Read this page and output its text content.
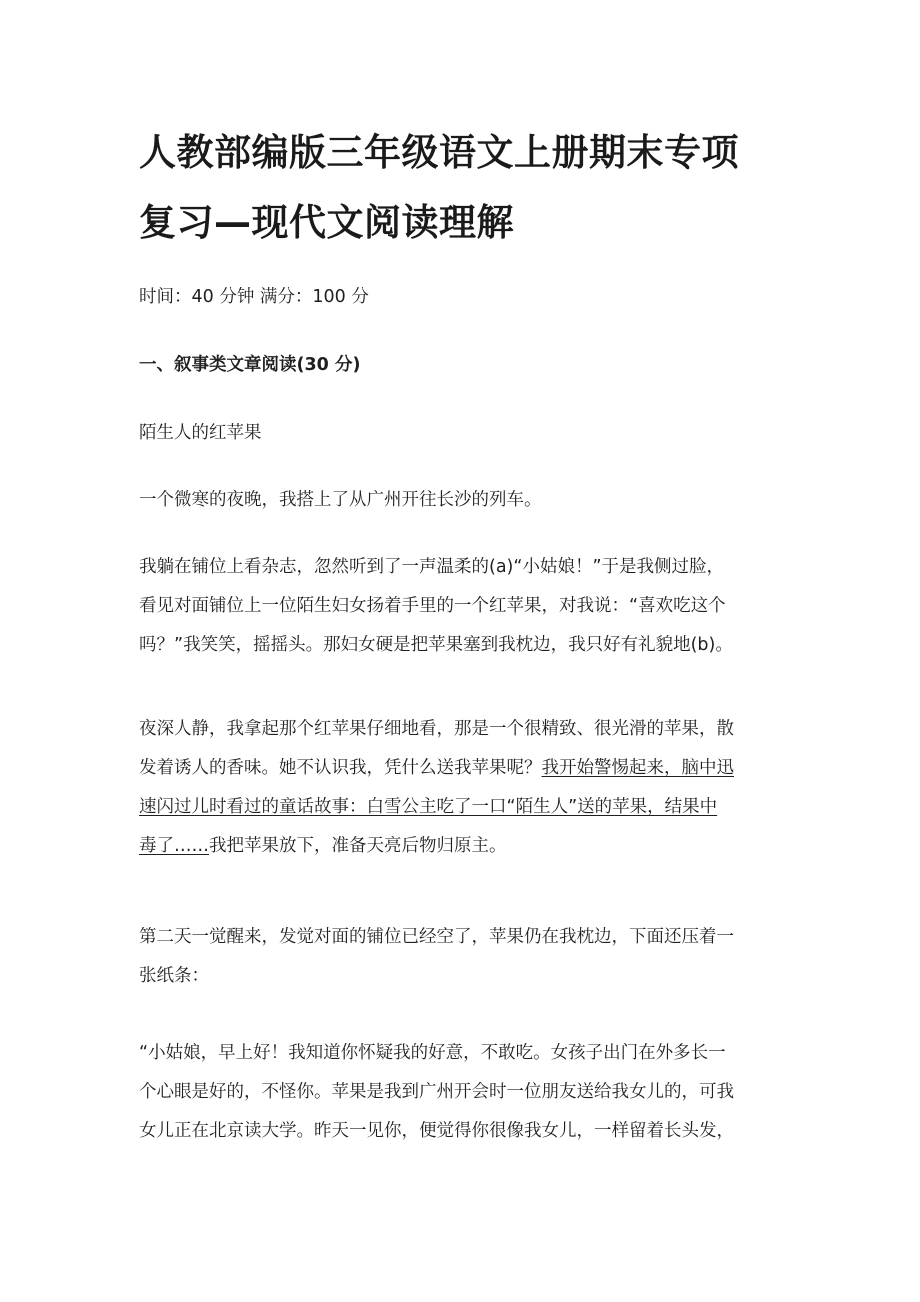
人教部编版三年级语文上册期末专项
复习—现代文阅读理解

时间：40 分钟 满分：100 分

一、叙事类文章阅读(30 分)

陌生人的红苹果

一个微寒的夜晚，我搭上了从广州开往长沙的列车。

我躺在铺位上看杂志，忽然听到了一声温柔的(a)“小姑娘！”于是我侧过脸，
看见对面铺位上一位陌生妇女扬着手里的一个红苹果，对我说：“喜欢吃这个
吗？”我笑笑，摇摇头。那妇女硬是把苹果塞到我枕边，我只好有礼貌地(b)。

夜深人静，我拿起那个红苹果仔细地看，那是一个很精致、很光滑的苹果，散
发着诱人的香味。她不认识我，凭什么送我苹果呢？我开始警惕起来，脑中迅
速闪过儿时看过的童话故事：白雪公主吃了一口“陌生人”送的苹果，结果中
毒了……我把苹果放下，准备天亮后物归原主。

第二天一觉醒来，发觉对面的铺位已经空了，苹果仍在我枕边，下面还压着一
张纸条：

“小姑娘，早上好！我知道你怀疑我的好意，不敢吃。女孩子出门在外多长一
个心眼是好的，不怪你。苹果是我到广州开会时一位朋友送给我女儿的，可我
女儿正在北京读大学。昨天一见你，便觉得你很像我女儿，一样留着长头发，
